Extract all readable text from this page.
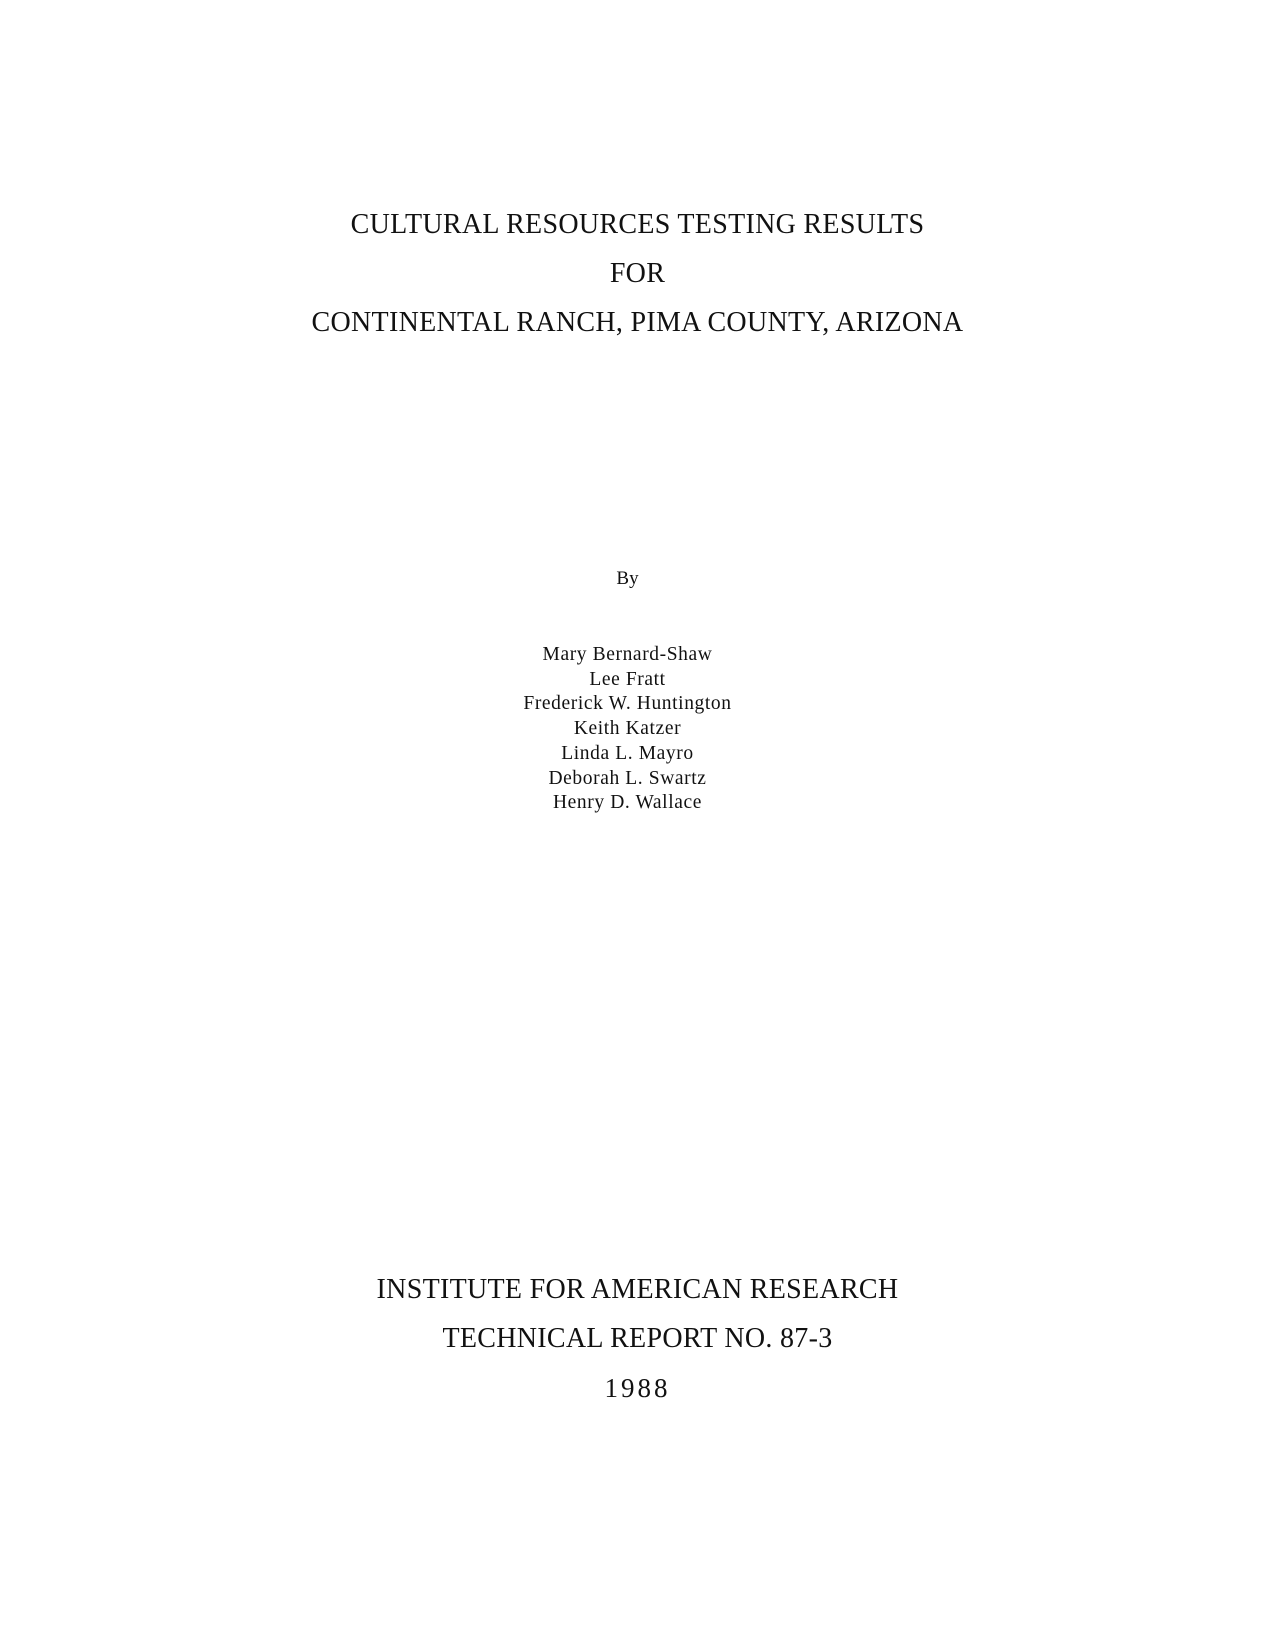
CULTURAL RESOURCES TESTING RESULTS
FOR
CONTINENTAL RANCH, PIMA COUNTY, ARIZONA
By
Mary Bernard-Shaw
Lee Fratt
Frederick W. Huntington
Keith Katzer
Linda L. Mayro
Deborah L. Swartz
Henry D. Wallace
INSTITUTE FOR AMERICAN RESEARCH
TECHNICAL REPORT NO. 87-3
1988
